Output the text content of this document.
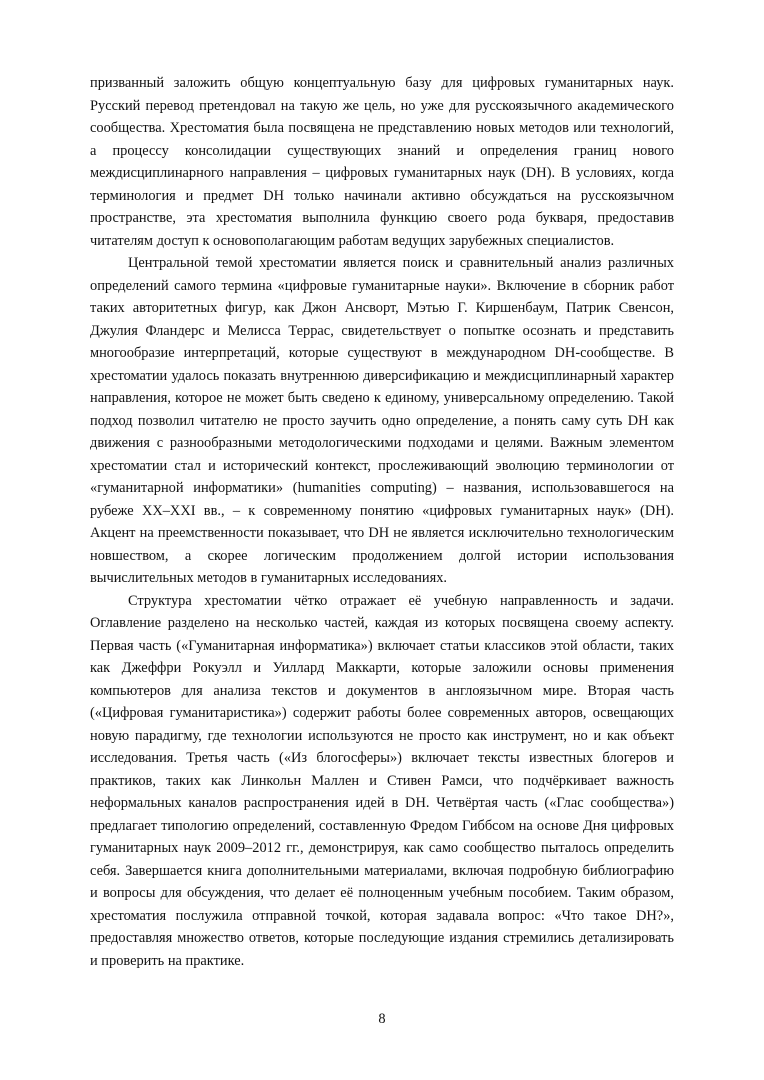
призванный заложить общую концептуальную базу для цифровых гуманитарных наук. Русский перевод претендовал на такую же цель, но уже для русскоязычного академического сообщества. Хрестоматия была посвящена не представлению новых методов или технологий, а процессу консолидации существующих знаний и определения границ нового междисциплинарного направления – цифровых гуманитарных наук (DH). В условиях, когда терминология и предмет DH только начинали активно обсуждаться на русскоязычном пространстве, эта хрестоматия выполнила функцию своего рода букваря, предоставив читателям доступ к основополагающим работам ведущих зарубежных специалистов.

Центральной темой хрестоматии является поиск и сравнительный анализ различных определений самого термина «цифровые гуманитарные науки». Включение в сборник работ таких авторитетных фигур, как Джон Ансворт, Мэтью Г. Киршенбаум, Патрик Свенсон, Джулия Фландерс и Мелисса Террас, свидетельствует о попытке осознать и представить многообразие интерпретаций, которые существуют в международном DH-сообществе. В хрестоматии удалось показать внутреннюю диверсификацию и междисциплинарный характер направления, которое не может быть сведено к единому, универсальному определению. Такой подход позволил читателю не просто заучить одно определение, а понять саму суть DH как движения с разнообразными методологическими подходами и целями. Важным элементом хрестоматии стал и исторический контекст, прослеживающий эволюцию терминологии от «гуманитарной информатики» (humanities computing) – названия, использовавшегося на рубеже XX–XXI вв., – к современному понятию «цифровых гуманитарных наук» (DH). Акцент на преемственности показывает, что DH не является исключительно технологическим новшеством, а скорее логическим продолжением долгой истории использования вычислительных методов в гуманитарных исследованиях.

Структура хрестоматии чётко отражает её учебную направленность и задачи. Оглавление разделено на несколько частей, каждая из которых посвящена своему аспекту. Первая часть («Гуманитарная информатика») включает статьи классиков этой области, таких как Джеффри Рокуэлл и Уиллард Маккарти, которые заложили основы применения компьютеров для анализа текстов и документов в англоязычном мире. Вторая часть («Цифровая гуманитаристика») содержит работы более современных авторов, освещающих новую парадигму, где технологии используются не просто как инструмент, но и как объект исследования. Третья часть («Из блогосферы») включает тексты известных блогеров и практиков, таких как Линкольн Маллен и Стивен Рамси, что подчёркивает важность неформальных каналов распространения идей в DH. Четвёртая часть («Глас сообщества») предлагает типологию определений, составленную Фредом Гиббсом на основе Дня цифровых гуманитарных наук 2009–2012 гг., демонстрируя, как само сообщество пыталось определить себя. Завершается книга дополнительными материалами, включая подробную библиографию и вопросы для обсуждения, что делает её полноценным учебным пособием. Таким образом, хрестоматия послужила отправной точкой, которая задавала вопрос: «Что такое DH?», предоставляя множество ответов, которые последующие издания стремились детализировать и проверить на практике.

8
